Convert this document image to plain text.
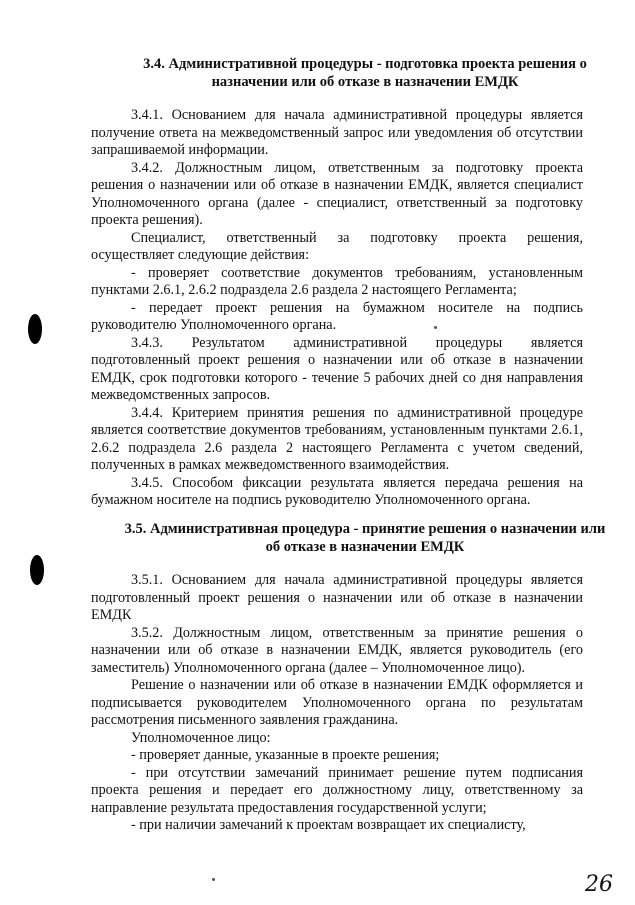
3.4. Административной процедуры - подготовка проекта решения о назначении или об отказе в назначении ЕМДК

3.4.1. Основанием для начала административной процедуры является получение ответа на межведомственный запрос или уведомления об отсутствии запрашиваемой информации.

3.4.2. Должностным лицом, ответственным за подготовку проекта решения о назначении или об отказе в назначении ЕМДК, является специалист Уполномоченного органа (далее - специалист, ответственный за подготовку проекта решения).

Специалист, ответственный за подготовку проекта решения, осуществляет следующие действия:

- проверяет соответствие документов требованиям, установленным пунктами 2.6.1, 2.6.2 подраздела 2.6 раздела 2 настоящего Регламента;

- передает проект решения на бумажном носителе на подпись руководителю Уполномоченного органа.

3.4.3. Результатом административной процедуры является подготовленный проект решения о назначении или об отказе в назначении ЕМДК, срок подготовки которого - течение 5 рабочих дней со дня направления межведомственных запросов.

3.4.4. Критерием принятия решения по административной процедуре является соответствие документов требованиям, установленным пунктами 2.6.1, 2.6.2 подраздела 2.6 раздела 2 настоящего Регламента с учетом сведений, полученных в рамках межведомственного взаимодействия.

3.4.5. Способом фиксации результата является передача решения на бумажном носителе на подпись руководителю Уполномоченного органа.

3.5. Административная процедура - принятие решения о назначении или об отказе в назначении ЕМДК

3.5.1. Основанием для начала административной процедуры является подготовленный проект решения о назначении или об отказе в назначении ЕМДК

3.5.2. Должностным лицом, ответственным за принятие решения о назначении или об отказе в назначении ЕМДК, является руководитель (его заместитель) Уполномоченного органа (далее – Уполномоченное лицо).

Решение о назначении или об отказе в назначении ЕМДК оформляется и подписывается руководителем Уполномоченного органа по результатам рассмотрения письменного заявления гражданина.

Уполномоченное лицо:

- проверяет данные, указанные в проекте решения;

- при отсутствии замечаний принимает решение путем подписания проекта решения и передает его должностному лицу, ответственному за направление результата предоставления государственной услуги;

- при наличии замечаний к проектам возвращает их специалисту,

26
